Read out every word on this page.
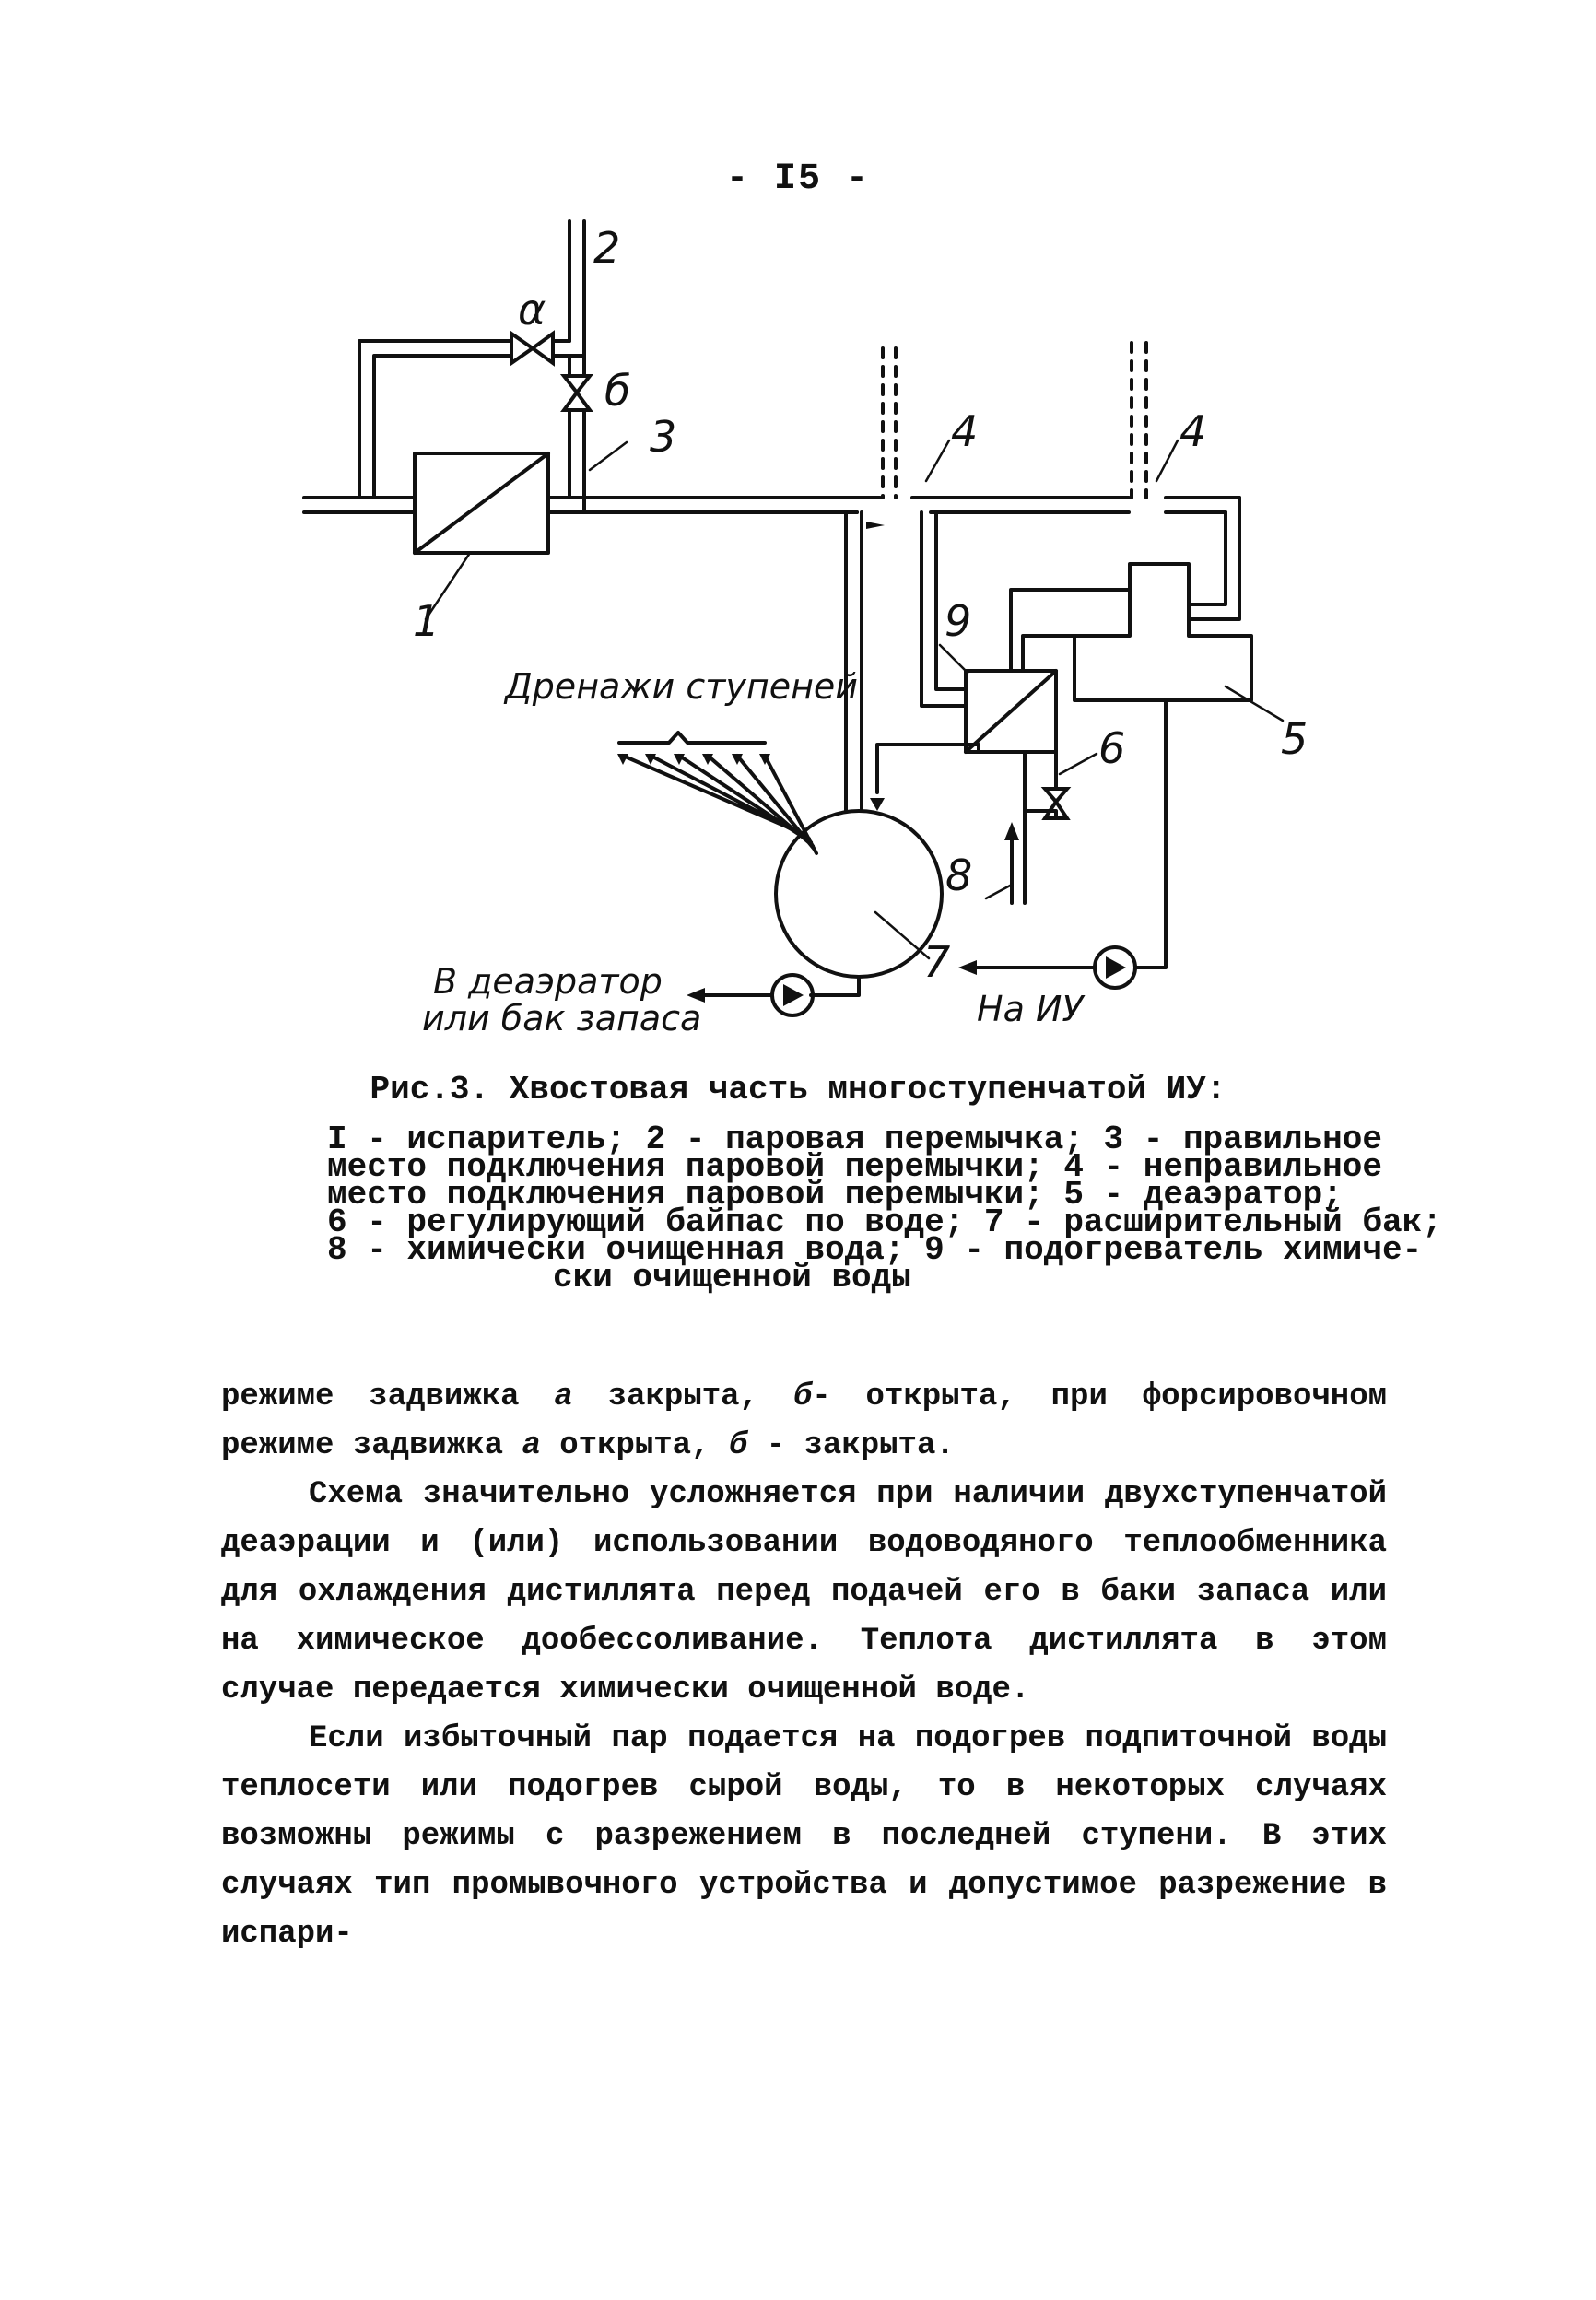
- I5 -
2
α
б
3	4	4
1	9
5
6
8
7
Дренажи ступеней
В деаэратор
или бак запаса	На ИУ
Рис.3. Хвостовая часть многоступенчатой ИУ:
I - испаритель; 2 - паровая перемычка; 3 - правильное
место подключения паровой перемычки; 4 - неправильное
место подключения паровой перемычки; 5 - деаэратор;
6 - регулирующий байпас по воде; 7 - расширительный бак;
8 - химически очищенная вода; 9 - подогреватель химиче-
ски очищенной воды

режиме задвижка а закрыта, б- открыта, при форсировочном режиме задвижка а открыта, б - закрыта.

Схема значительно усложняется при наличии двухступенчатой деаэрации и (или) использовании водоводяного теплообменника для охлаждения дистиллята перед подачей его в баки запаса или на химическое дообессоливание. Теплота дистиллята в этом случае передается химически очищенной воде.

Если избыточный пар подается на подогрев подпиточной воды теплосети или подогрев сырой воды, то в некоторых случаях возможны режимы с разрежением в последней ступени. В этих случаях тип промывочного устройства и допустимое разрежение в испари-
